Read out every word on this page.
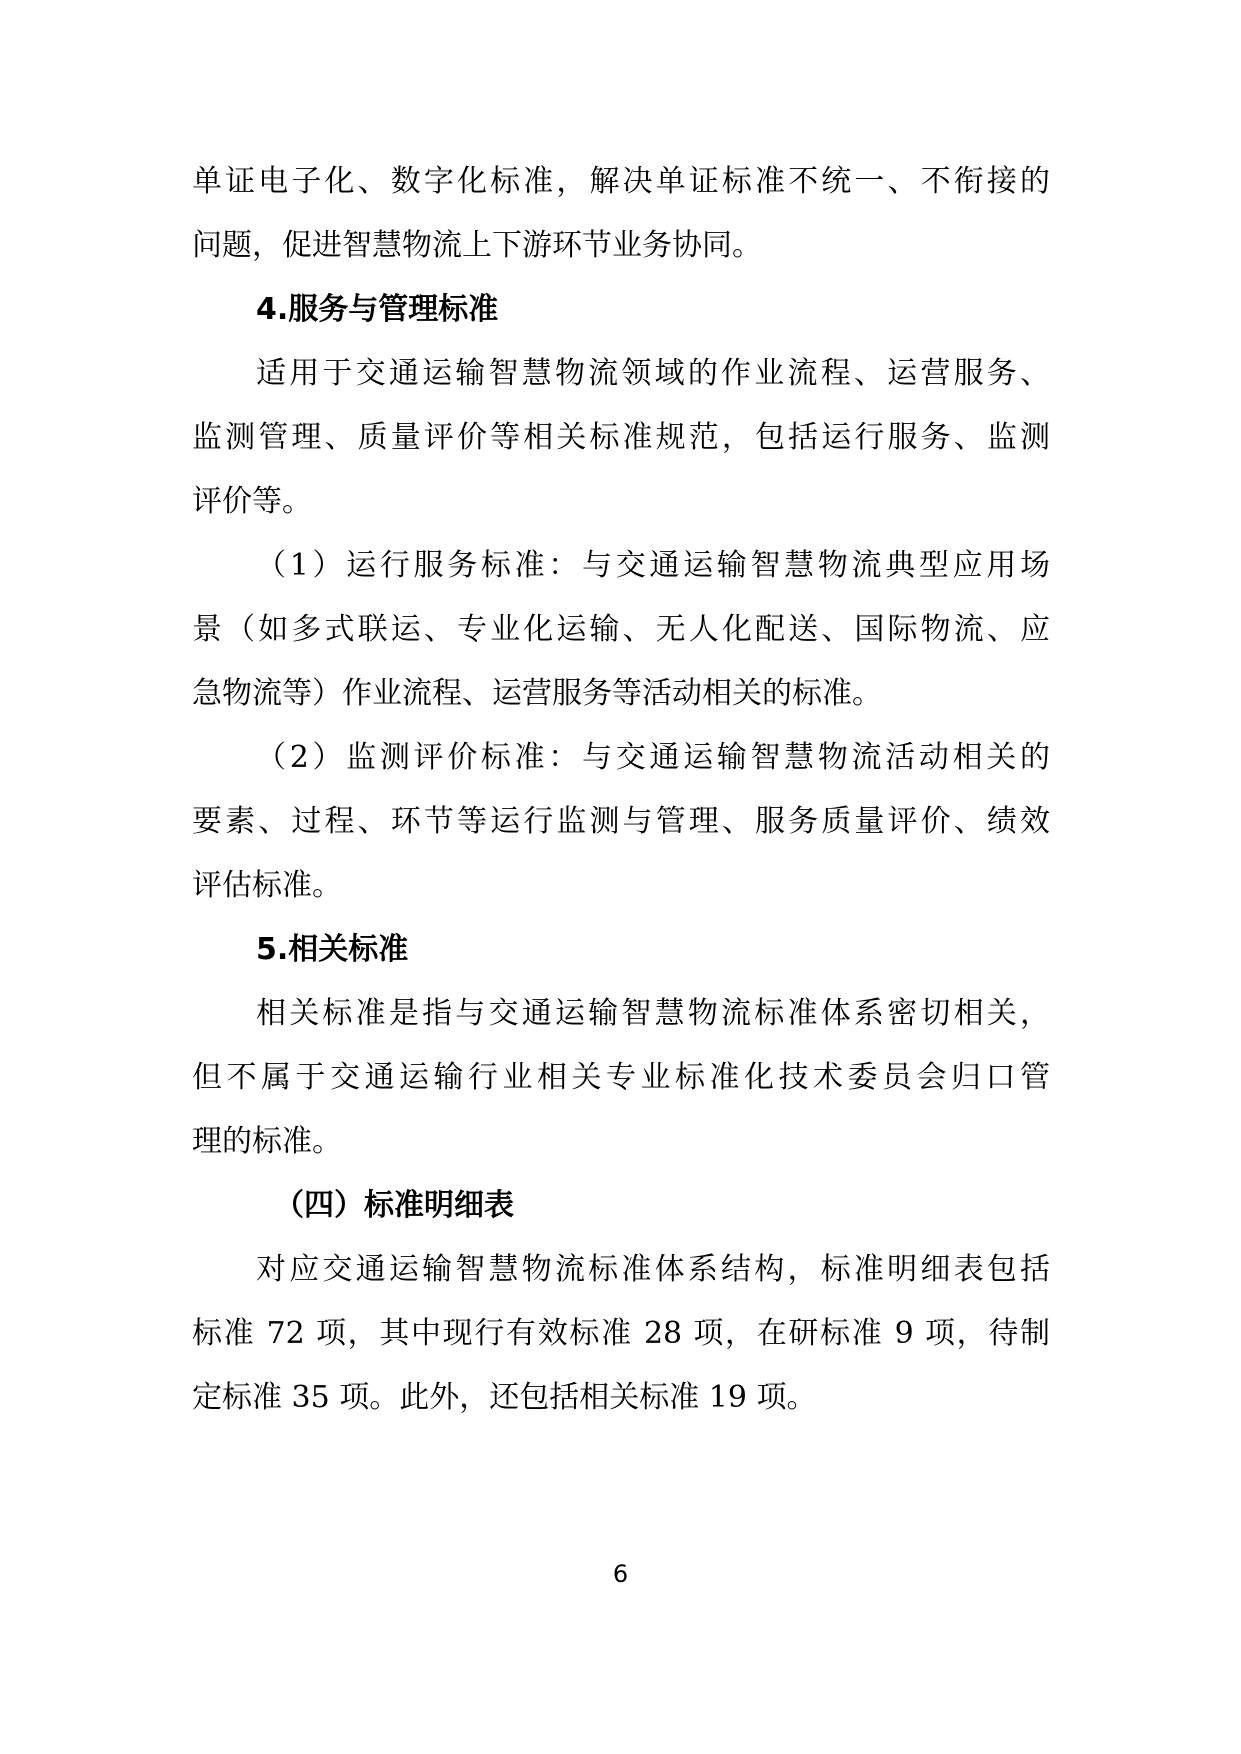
单证电子化、数字化标准，解决单证标准不统一、不衔接的
问题，促进智慧物流上下游环节业务协同。
4.服务与管理标准
适用于交通运输智慧物流领域的作业流程、运营服务、
监测管理、质量评价等相关标准规范，包括运行服务、监测
评价等。
（1）运行服务标准：与交通运输智慧物流典型应用场
景（如多式联运、专业化运输、无人化配送、国际物流、应
急物流等）作业流程、运营服务等活动相关的标准。
（2）监测评价标准：与交通运输智慧物流活动相关的
要素、过程、环节等运行监测与管理、服务质量评价、绩效
评估标准。
5.相关标准
相关标准是指与交通运输智慧物流标准体系密切相关，
但不属于交通运输行业相关专业标准化技术委员会归口管
理的标准。
（四）标准明细表
对应交通运输智慧物流标准体系结构，标准明细表包括
标准 72 项，其中现行有效标准 28 项，在研标准 9 项，待制
定标准 35 项。此外，还包括相关标准 19 项。
6
